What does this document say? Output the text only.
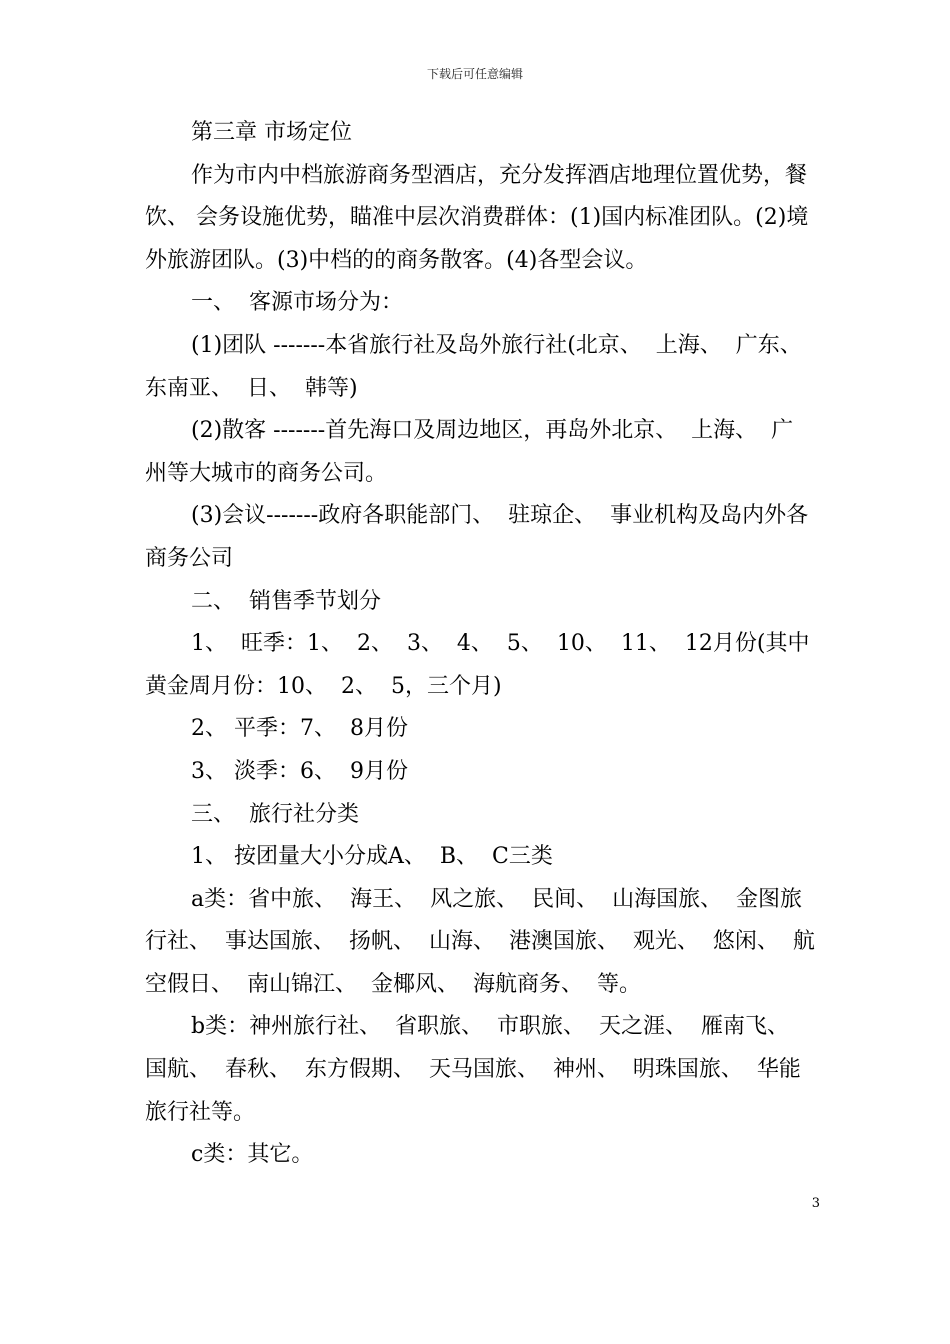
下载后可任意编辑

第三章 市场定位

作为市内中档旅游商务型酒店，充分发挥酒店地理位置优势，餐饮、 会务设施优势，瞄准中层次消费群体：(1)国内标准团队。(2)境外旅游团队。(3)中档的的商务散客。(4)各型会议。

一、  客源市场分为：

(1)团队 -------本省旅行社及岛外旅行社(北京、  上海、  广东、  东南亚、  日、  韩等)

(2)散客 -------首先海口及周边地区，再岛外北京、  上海、  广州等大城市的商务公司。

(3)会议-------政府各职能部门、  驻琼企、  事业机构及岛内外各商务公司

二、  销售季节划分

1、  旺季：1、  2、  3、  4、  5、  10、  11、  12月份(其中黄金周月份：10、  2、  5，三个月)

2、 平季：7、  8月份

3、 淡季：6、  9月份

三、  旅行社分类

1、 按团量大小分成A、  B、  C三类

a类：省中旅、  海王、  风之旅、  民间、  山海国旅、  金图旅行社、  事达国旅、  扬帆、  山海、  港澳国旅、  观光、  悠闲、  航空假日、  南山锦江、  金椰风、  海航商务、  等。

b类：神州旅行社、  省职旅、  市职旅、  天之涯、  雁南飞、  国航、  春秋、  东方假期、  天马国旅、  神州、  明珠国旅、  华能旅行社等。

c类：其它。

3
